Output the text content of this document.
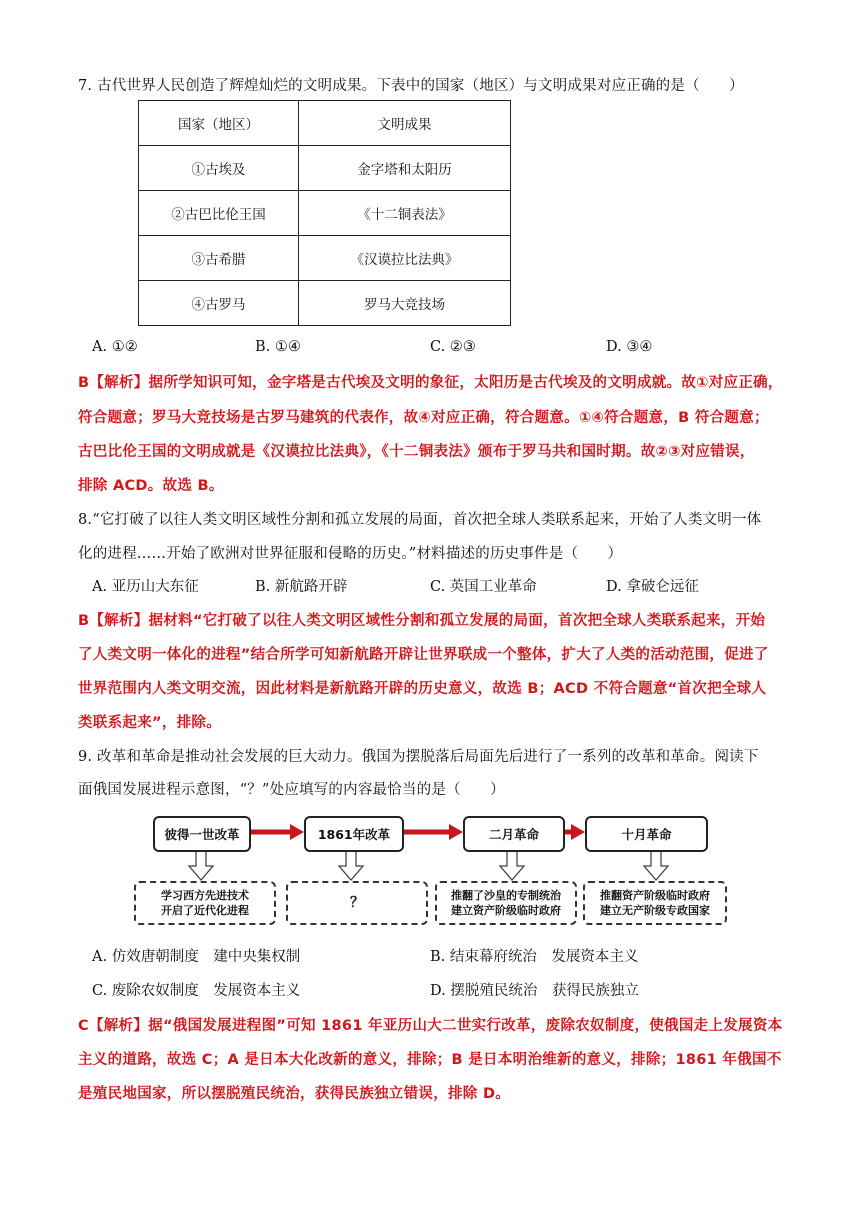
7. 古代世界人民创造了辉煌灿烂的文明成果。下表中的国家（地区）与文明成果对应正确的是（　　）
国家（地区）	文明成果
①古埃及	金字塔和太阳历
②古巴比伦王国	《十二铜表法》
③古希腊	《汉谟拉比法典》
④古罗马	罗马大竞技场
A. ①②	B. ①④	C. ②③	D. ③④
B【解析】据所学知识可知，金字塔是古代埃及文明的象征，太阳历是古代埃及的文明成就。故①对应正确，
符合题意；罗马大竞技场是古罗马建筑的代表作，故④对应正确，符合题意。①④符合题意，B 符合题意；
古巴比伦王国的文明成就是《汉谟拉比法典》，《十二铜表法》颁布于罗马共和国时期。故②③对应错误，
排除 ACD。故选 B。
8.“它打破了以往人类文明区域性分割和孤立发展的局面，首次把全球人类联系起来，开始了人类文明一体
化的进程……开始了欧洲对世界征服和侵略的历史。”材料描述的历史事件是（　　）
A. 亚历山大东征	B. 新航路开辟	C. 英国工业革命	D. 拿破仑远征
B【解析】据材料“它打破了以往人类文明区域性分割和孤立发展的局面，首次把全球人类联系起来，开始
了人类文明一体化的进程”结合所学可知新航路开辟让世界联成一个整体，扩大了人类的活动范围，促进了
世界范围内人类文明交流，因此材料是新航路开辟的历史意义，故选 B；ACD 不符合题意“首次把全球人
类联系起来”，排除。
9. 改革和革命是推动社会发展的巨大动力。俄国为摆脱落后局面先后进行了一系列的改革和革命。阅读下
面俄国发展进程示意图，“？”处应填写的内容最恰当的是（　　）
彼得一世改革	1861年改革	二月革命	十月革命
学习西方先进技术
开启了近代化进程	？	推翻了沙皇的专制统治
建立资产阶级临时政府
推翻资产阶级临时政府
建立无产阶级专政国家
A. 仿效唐朝制度　建中央集权制	B. 结束幕府统治　发展资本主义
C. 废除农奴制度　发展资本主义	D. 摆脱殖民统治　获得民族独立
C【解析】据“俄国发展进程图”可知 1861 年亚历山大二世实行改革，废除农奴制度，使俄国走上发展资本
主义的道路，故选 C；A 是日本大化改新的意义，排除；B 是日本明治维新的意义，排除；1861 年俄国不
是殖民地国家，所以摆脱殖民统治，获得民族独立错误，排除 D。
